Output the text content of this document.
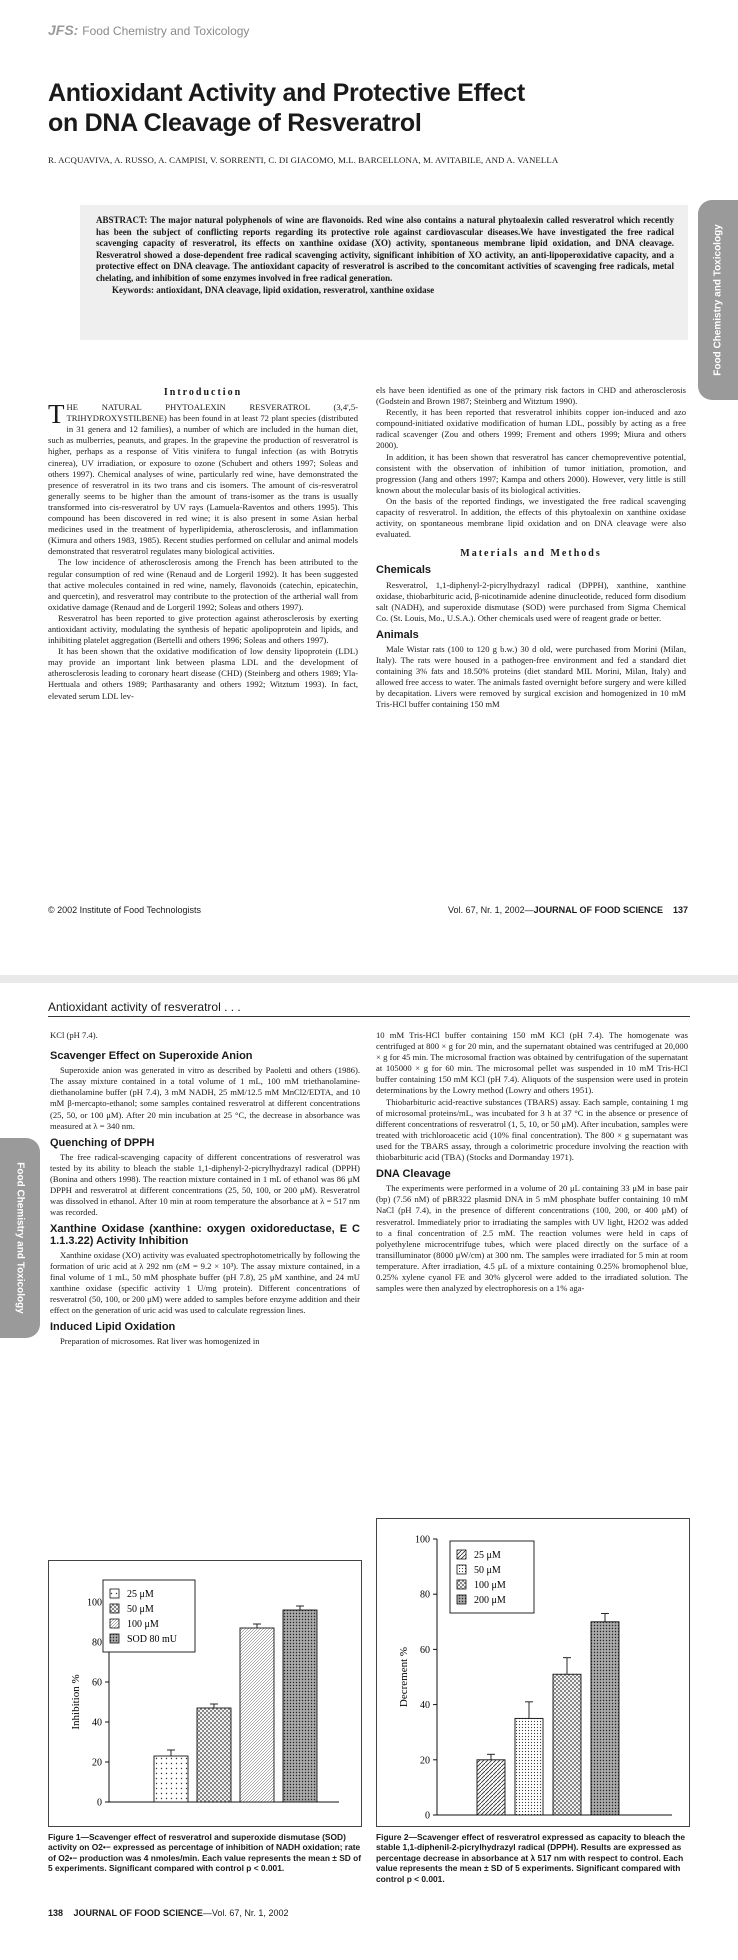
JFS: Food Chemistry and Toxicology
Antioxidant Activity and Protective Effect
on DNA Cleavage of Resveratrol
R. ACQUAVIVA, A. RUSSO, A. CAMPISI, V. SORRENTI, C. DI GIACOMO, M.L. BARCELLONA, M. AVITABILE, AND A. VANELLA
ABSTRACT: The major natural polyphenols of wine are flavonoids. Red wine also contains a natural phytoalexin called resveratrol which recently has been the subject of conflicting reports regarding its protective role against cardiovascular diseases.We have investigated the free radical scavenging capacity of resveratrol, its effects on xanthine oxidase (XO) activity, spontaneous membrane lipid oxidation, and DNA cleavage. Resveratrol showed a dose-dependent free radical scavenging activity, significant inhibition of XO activity, an anti-lipoperoxidative capacity, and a protective effect on DNA cleavage. The antioxidant capacity of resveratrol is ascribed to the concomitant activities of scavenging free radicals, metal chelating, and inhibition of some enzymes involved in free radical generation.
Keywords: antioxidant, DNA cleavage, lipid oxidation, resveratrol, xanthine oxidase	Food Chemistry and Toxicology
Introduction

THE NATURAL PHYTOALEXIN RESVERATROL (3,4',5-TRIHYDROXYSTILBENE) has been found in at least 72 plant species (distributed in 31 genera and 12 families), a number of which are included in the human diet, such as mulberries, peanuts, and grapes. In the grapevine the production of resveratrol is higher, perhaps as a response of Vitis vinifera to fungal infection (as with Botrytis cinerea), UV irradiation, or exposure to ozone (Schubert and others 1997; Soleas and others 1997). Chemical analyses of wine, particularly red wine, have demonstrated the presence of resveratrol in its two trans and cis isomers. The amount of cis-resveratrol generally seems to be higher than the amount of trans-isomer as the trans is usually transformed into cis-resveratrol by UV rays (Lamuela-Raventos and others 1995). This compound has been discovered in red wine; it is also present in some Asian herbal medicines used in the treatment of hyperlipidemia, atherosclerosis, and inflammation (Kimura and others 1983, 1985). Recent studies performed on cellular and animal models demonstrated that resveratrol regulates many biological activities.

The low incidence of atherosclerosis among the French has been attributed to the regular consumption of red wine (Renaud and de Lorgeril 1992). It has been suggested that active molecules contained in red wine, namely, flavonoids (catechin, epicatechin, and quercetin), and resveratrol may contribute to the protection of the artherial wall from oxidative damage (Renaud and de Lorgeril 1992; Soleas and others 1997).

Resveratrol has been reported to give protection against atherosclerosis by exerting antioxidant activity, modulating the synthesis of hepatic apolipoprotein and lipids, and inhibiting platelet aggregation (Bertelli and others 1996; Soleas and others 1997).

It has been shown that the oxidative modification of low density lipoprotein (LDL) may provide an important link between plasma LDL and the development of atherosclerosis leading to coronary heart disease (CHD) (Steinberg and others 1989; Yla-Herttuala and others 1989; Parthasaranty and others 1992; Witztum 1993). In fact, elevated serum LDL lev-

els have been identified as one of the primary risk factors in CHD and atherosclerosis (Godstein and Brown 1987; Steinberg and Witztum 1990).

Recently, it has been reported that resveratrol inhibits copper ion-induced and azo compound-initiated oxidative modification of human LDL, possibly by acting as a free radical scavenger (Zou and others 1999; Frement and others 1999; Miura and others 2000).

In addition, it has been shown that resveratrol has cancer chemopreventive potential, consistent with the observation of inhibition of tumor initiation, promotion, and progression (Jang and others 1997; Kampa and others 2000). However, very little is still known about the molecular basis of its biological activities.

On the basis of the reported findings, we investigated the free radical scavenging capacity of resveratrol. In addition, the effects of this phytoalexin on xanthine oxidase activity, on spontaneous membrane lipid oxidation and on DNA cleavage were also evaluated.

Materials and Methods
Chemicals

Resveratrol, 1,1-diphenyl-2-picrylhydrazyl radical (DPPH), xanthine, xanthine oxidase, thiobarbituric acid, β-nicotinamide adenine dinucleotide, reduced form disodium salt (NADH), and superoxide dismutase (SOD) were purchased from Sigma Chemical Co. (St. Louis, Mo., U.S.A.). Other chemicals used were of reagent grade or better.

Animals

Male Wistar rats (100 to 120 g b.w.) 30 d old, were purchased from Morini (Milan, Italy). The rats were housed in a pathogen-free environment and fed a standard diet containing 3% fats and 18.50% proteins (diet standard MIL Morini, Milan, Italy) and allowed free access to water. The animals fasted overnight before surgery and were killed by decapitation. Livers were removed by surgical excision and homogenized in 10 mM Tris-HCl buffer containing 150 mM

© 2002 Institute of Food Technologists	Vol. 67, Nr. 1, 2002—JOURNAL OF FOOD SCIENCE 137
Antioxidant activity of resveratrol . . .
Food Chemistry and Toxicology

KCl (pH 7.4).

Scavenger Effect on Superoxide Anion

Superoxide anion was generated in vitro as described by Paoletti and others (1986). The assay mixture contained in a total volume of 1 mL, 100 mM triethanolamine-diethanolamine buffer (pH 7.4), 3 mM NADH, 25 mM/12.5 mM MnCl2/EDTA, and 10 mM β-mercapto-ethanol; some samples contained resveratrol at different concentrations (25, 50, or 100 μM). After 20 min incubation at 25 °C, the decrease in absorbance was measured at λ = 340 nm.

Quenching of DPPH

The free radical-scavenging capacity of different concentrations of resveratrol was tested by its ability to bleach the stable 1,1-diphenyl-2-picrylhydrazyl radical (DPPH) (Bonina and others 1998). The reaction mixture contained in 1 mL of ethanol was 86 μM DPPH and resveratrol at different concentrations (25, 50, 100, or 200 μM). Resveratrol was dissolved in ethanol. After 10 min at room temperature the absorbance at λ = 517 nm was recorded.

Xanthine Oxidase (xanthine: oxygen oxidoreductase, E C 1.1.3.22) Activity Inhibition

Xanthine oxidase (XO) activity was evaluated spectrophotometrically by following the formation of uric acid at λ 292 nm (εM = 9.2 × 10³). The assay mixture contained, in a final volume of 1 mL, 50 mM phosphate buffer (pH 7.8), 25 μM xanthine, and 24 mU xanthine oxidase (specific activity 1 U/mg protein). Different concentrations of resveratrol (50, 100, or 200 μM) were added to samples before enzyme addition and their effect on the generation of uric acid was used to calculate regression lines.

Induced Lipid Oxidation

Preparation of microsomes. Rat liver was homogenized in

10 mM Tris-HCl buffer containing 150 mM KCl (pH 7.4). The homogenate was centrifuged at 800 × g for 20 min, and the supernatant obtained was centrifuged at 20,000 × g for 45 min. The microsomal fraction was obtained by centrifugation of the supernatant at 105000 × g for 60 min. The microsomal pellet was suspended in 10 mM Tris-HCl buffer containing 150 mM KCl (pH 7.4). Aliquots of the suspension were used in protein determinations by the Lowry method (Lowry and others 1951).

Thiobarbituric acid-reactive substances (TBARS) assay. Each sample, containing 1 mg of microsomal proteins/mL, was incubated for 3 h at 37 °C in the absence or presence of different concentrations of resveratrol (1, 5, 10, or 50 μM). After incubation, samples were treated with trichloroacetic acid (10% final concentration). The 800 × g supernatant was used for the TBARS assay, through a colorimetric procedure involving the reaction with thiobarbituric acid (TBA) (Stocks and Dormanday 1971).

DNA Cleavage

The experiments were performed in a volume of 20 μL containing 33 μM in base pair (bp) (7.56 nM) of pBR322 plasmid DNA in 5 mM phosphate buffer containing 10 mM NaCl (pH 7.4), in the presence of different concentrations (100, 200, or 400 μM) of resveratrol. Immediately prior to irradiating the samples with UV light, H2O2 was added to a final concentration of 2.5 mM. The reaction volumes were held in caps of polyethylene microcentrifuge tubes, which were placed directly on the surface of a transilluminator (8000 μW/cm) at 300 nm. The samples were irradiated for 5 min at room temperature. After irradiation, 4.5 μL of a mixture containing 0.25% bromophenol blue, 0.25% xylene cyanol FE and 30% glycerol were added to the irradiated solution. The samples were then analyzed by electrophoresis on a 1% aga-

0
20
40
60
80
100
Inhibition %
25 μM
50 μM
100 μM
SOD 80 mU
Figure 1—Scavenger effect of resveratrol and superoxide dismutase (SOD) activity on O2•− expressed as percentage of inhibition of NADH oxidation; rate of O2•− production was 4 nmoles/min. Each value represents the mean ± SD of 5 experiments. Significant compared with control p < 0.001.
0
20
40
60
80
100
Decrement %
25 μM
50 μM
100 μM
200 μM
Figure 2—Scavenger effect of resveratrol expressed as capacity to bleach the stable 1,1-diphenil-2-picrylhydrazyl radical (DPPH). Results are expressed as percentage decrease in absorbance at λ 517 nm with respect to control. Each value represents the mean ± SD of 5 experiments. Significant compared with control p < 0.001.
138 JOURNAL OF FOOD SCIENCE—Vol. 67, Nr. 1, 2002
